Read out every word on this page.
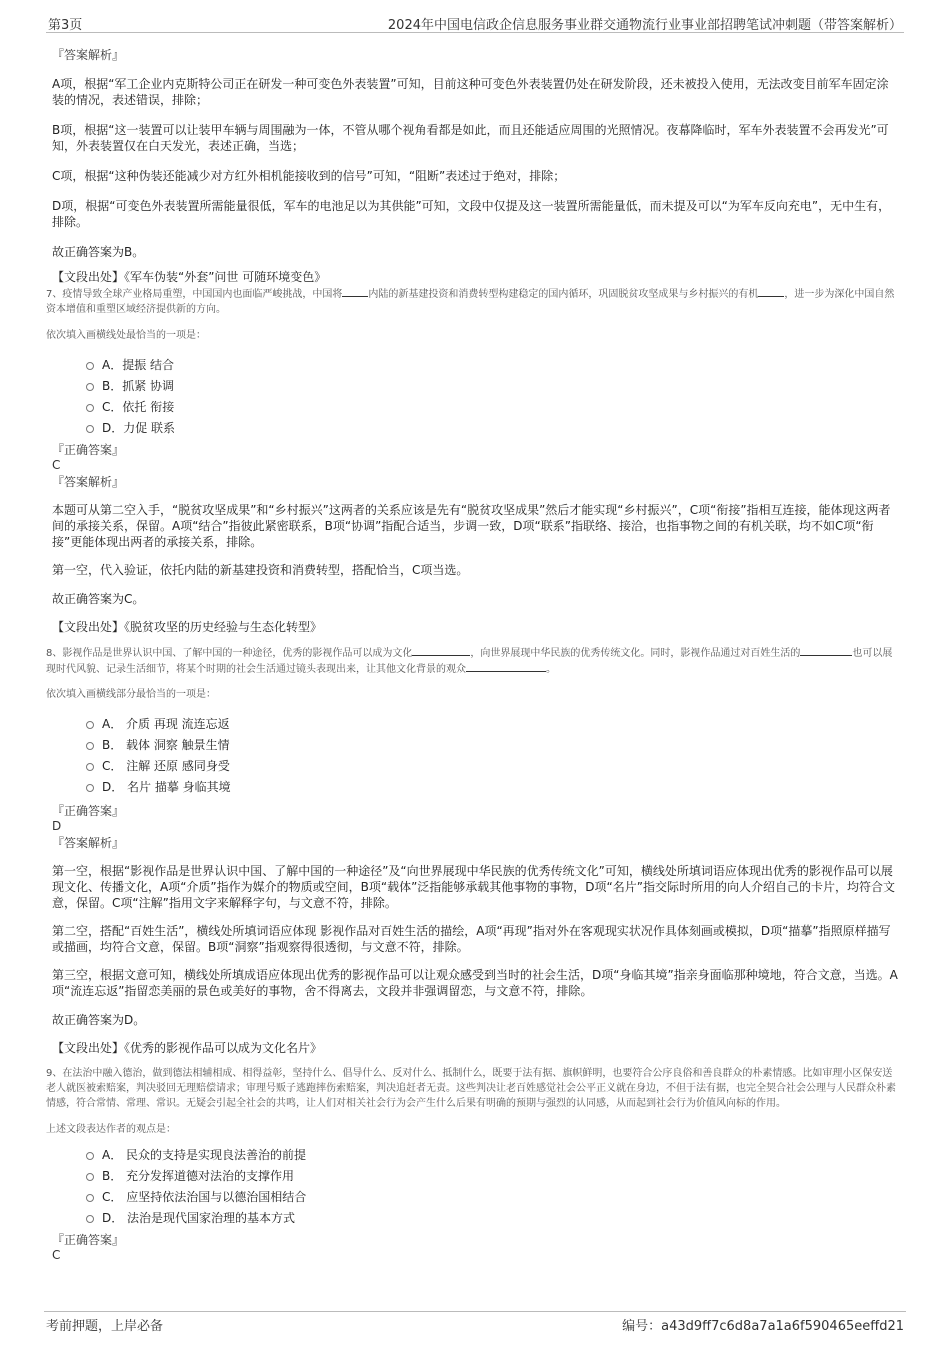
第3页	2024年中国电信政企信息服务事业群交通物流行业事业部招聘笔试冲刺题（带答案解析）
『答案解析』
A项，根据“军工企业内克斯特公司正在研发一种可变色外表装置”可知，目前这种可变色外表装置仍处在研发阶段，还未被投入使用，无法改变目前军车固定涂装的情况，表述错误，排除；
B项，根据“这一装置可以让装甲车辆与周围融为一体，不管从哪个视角看都是如此，而且还能适应周围的光照情况。夜幕降临时，军车外表装置不会再发光”可知，外表装置仅在白天发光，表述正确，当选；
C项，根据“这种伪装还能减少对方红外相机能接收到的信号”可知，“阻断”表述过于绝对，排除；
D项，根据“可变色外表装置所需能量很低，军车的电池足以为其供能”可知，文段中仅提及这一装置所需能量低，而未提及可以“为军车反向充电”，无中生有，排除。
故正确答案为B。
【文段出处】《军车伪装“外套”问世 可随环境变色》
7、疫情导致全球产业格局重塑，中国国内也面临严峻挑战，中国将	内陆的新基建投资和消费转型构建稳定的国内循环，巩固脱贫攻坚成果与乡村振兴的有机	，进一步为深化中国自然资本增值和重塑区域经济提供新的方向。
依次填入画横线处最恰当的一项是：
A．提振 结合
B．抓紧 协调
C．依托 衔接
D．力促 联系
『正确答案』
C
『答案解析』
本题可从第二空入手，“脱贫攻坚成果”和“乡村振兴”这两者的关系应该是先有“脱贫攻坚成果”然后才能实现“乡村振兴”，C项“衔接”指相互连接，能体现这两者间的承接关系，保留。A项“结合”指彼此紧密联系，B项“协调”指配合适当，步调一致，D项“联系”指联络、接洽，也指事物之间的有机关联，均不如C项“衔接”更能体现出两者的承接关系，排除。
第一空，代入验证，依托内陆的新基建投资和消费转型，搭配恰当，C项当选。
故正确答案为C。
【文段出处】《脱贫攻坚的历史经验与生态化转型》
8、影视作品是世界认识中国、了解中国的一种途径，优秀的影视作品可以成为文化	，向世界展现中华民族的优秀传统文化。同时，影视作品通过对百姓生活的	也可以展现时代风貌、记录生活细节，将某个时期的社会生活通过镜头表现出来，让其他文化背景的观众	。
依次填入画横线部分最恰当的一项是：
A． 介质 再现 流连忘返
B． 载体 洞察 触景生情
C． 注解 还原 感同身受
D． 名片 描摹 身临其境
『正确答案』
D
『答案解析』
第一空，根据“影视作品是世界认识中国、了解中国的一种途径”及“向世界展现中华民族的优秀传统文化”可知，横线处所填词语应体现出优秀的影视作品可以展现文化、传播文化，A项“介质”指作为媒介的物质或空间，B项“载体”泛指能够承载其他事物的事物，D项“名片”指交际时所用的向人介绍自己的卡片，均符合文意，保留。C项“注解”指用文字来解释字句，与文意不符，排除。
第二空，搭配“百姓生活”，横线处所填词语应体现 影视作品对百姓生活的描绘，A项“再现”指对外在客观现实状况作具体刻画或模拟，D项“描摹”指照原样描写或描画，均符合文意，保留。B项“洞察”指观察得很透彻，与文意不符，排除。
第三空，根据文意可知，横线处所填成语应体现出优秀的影视作品可以让观众感受到当时的社会生活，D项“身临其境”指亲身面临那种境地，符合文意，当选。A项“流连忘返”指留恋美丽的景色或美好的事物，舍不得离去，文段并非强调留恋，与文意不符，排除。
故正确答案为D。
【文段出处】《优秀的影视作品可以成为文化名片》
9、在法治中融入德治，做到德法相辅相成、相得益彰，坚持什么、倡导什么、反对什么、抵制什么，既要于法有据、旗帜鲜明，也要符合公序良俗和善良群众的朴素情感。比如审理小区保安送老人就医被索赔案，判决驳回无理赔偿请求；审理号贩子逃跑摔伤索赔案，判决追赶者无责。这些判决让老百姓感觉社会公平正义就在身边，不但于法有据，也完全契合社会公理与人民群众朴素情感，符合常情、常理、常识。无疑会引起全社会的共鸣，让人们对相关社会行为会产生什么后果有明确的预期与强烈的认同感，从而起到社会行为价值风向标的作用。
上述文段表达作者的观点是：
A． 民众的支持是实现良法善治的前提
B． 充分发挥道德对法治的支撑作用
C． 应坚持依法治国与以德治国相结合
D． 法治是现代国家治理的基本方式
『正确答案』
C
考前押题，上岸必备	编号：a43d9ff7c6d8a7a1a6f590465eeffd21
